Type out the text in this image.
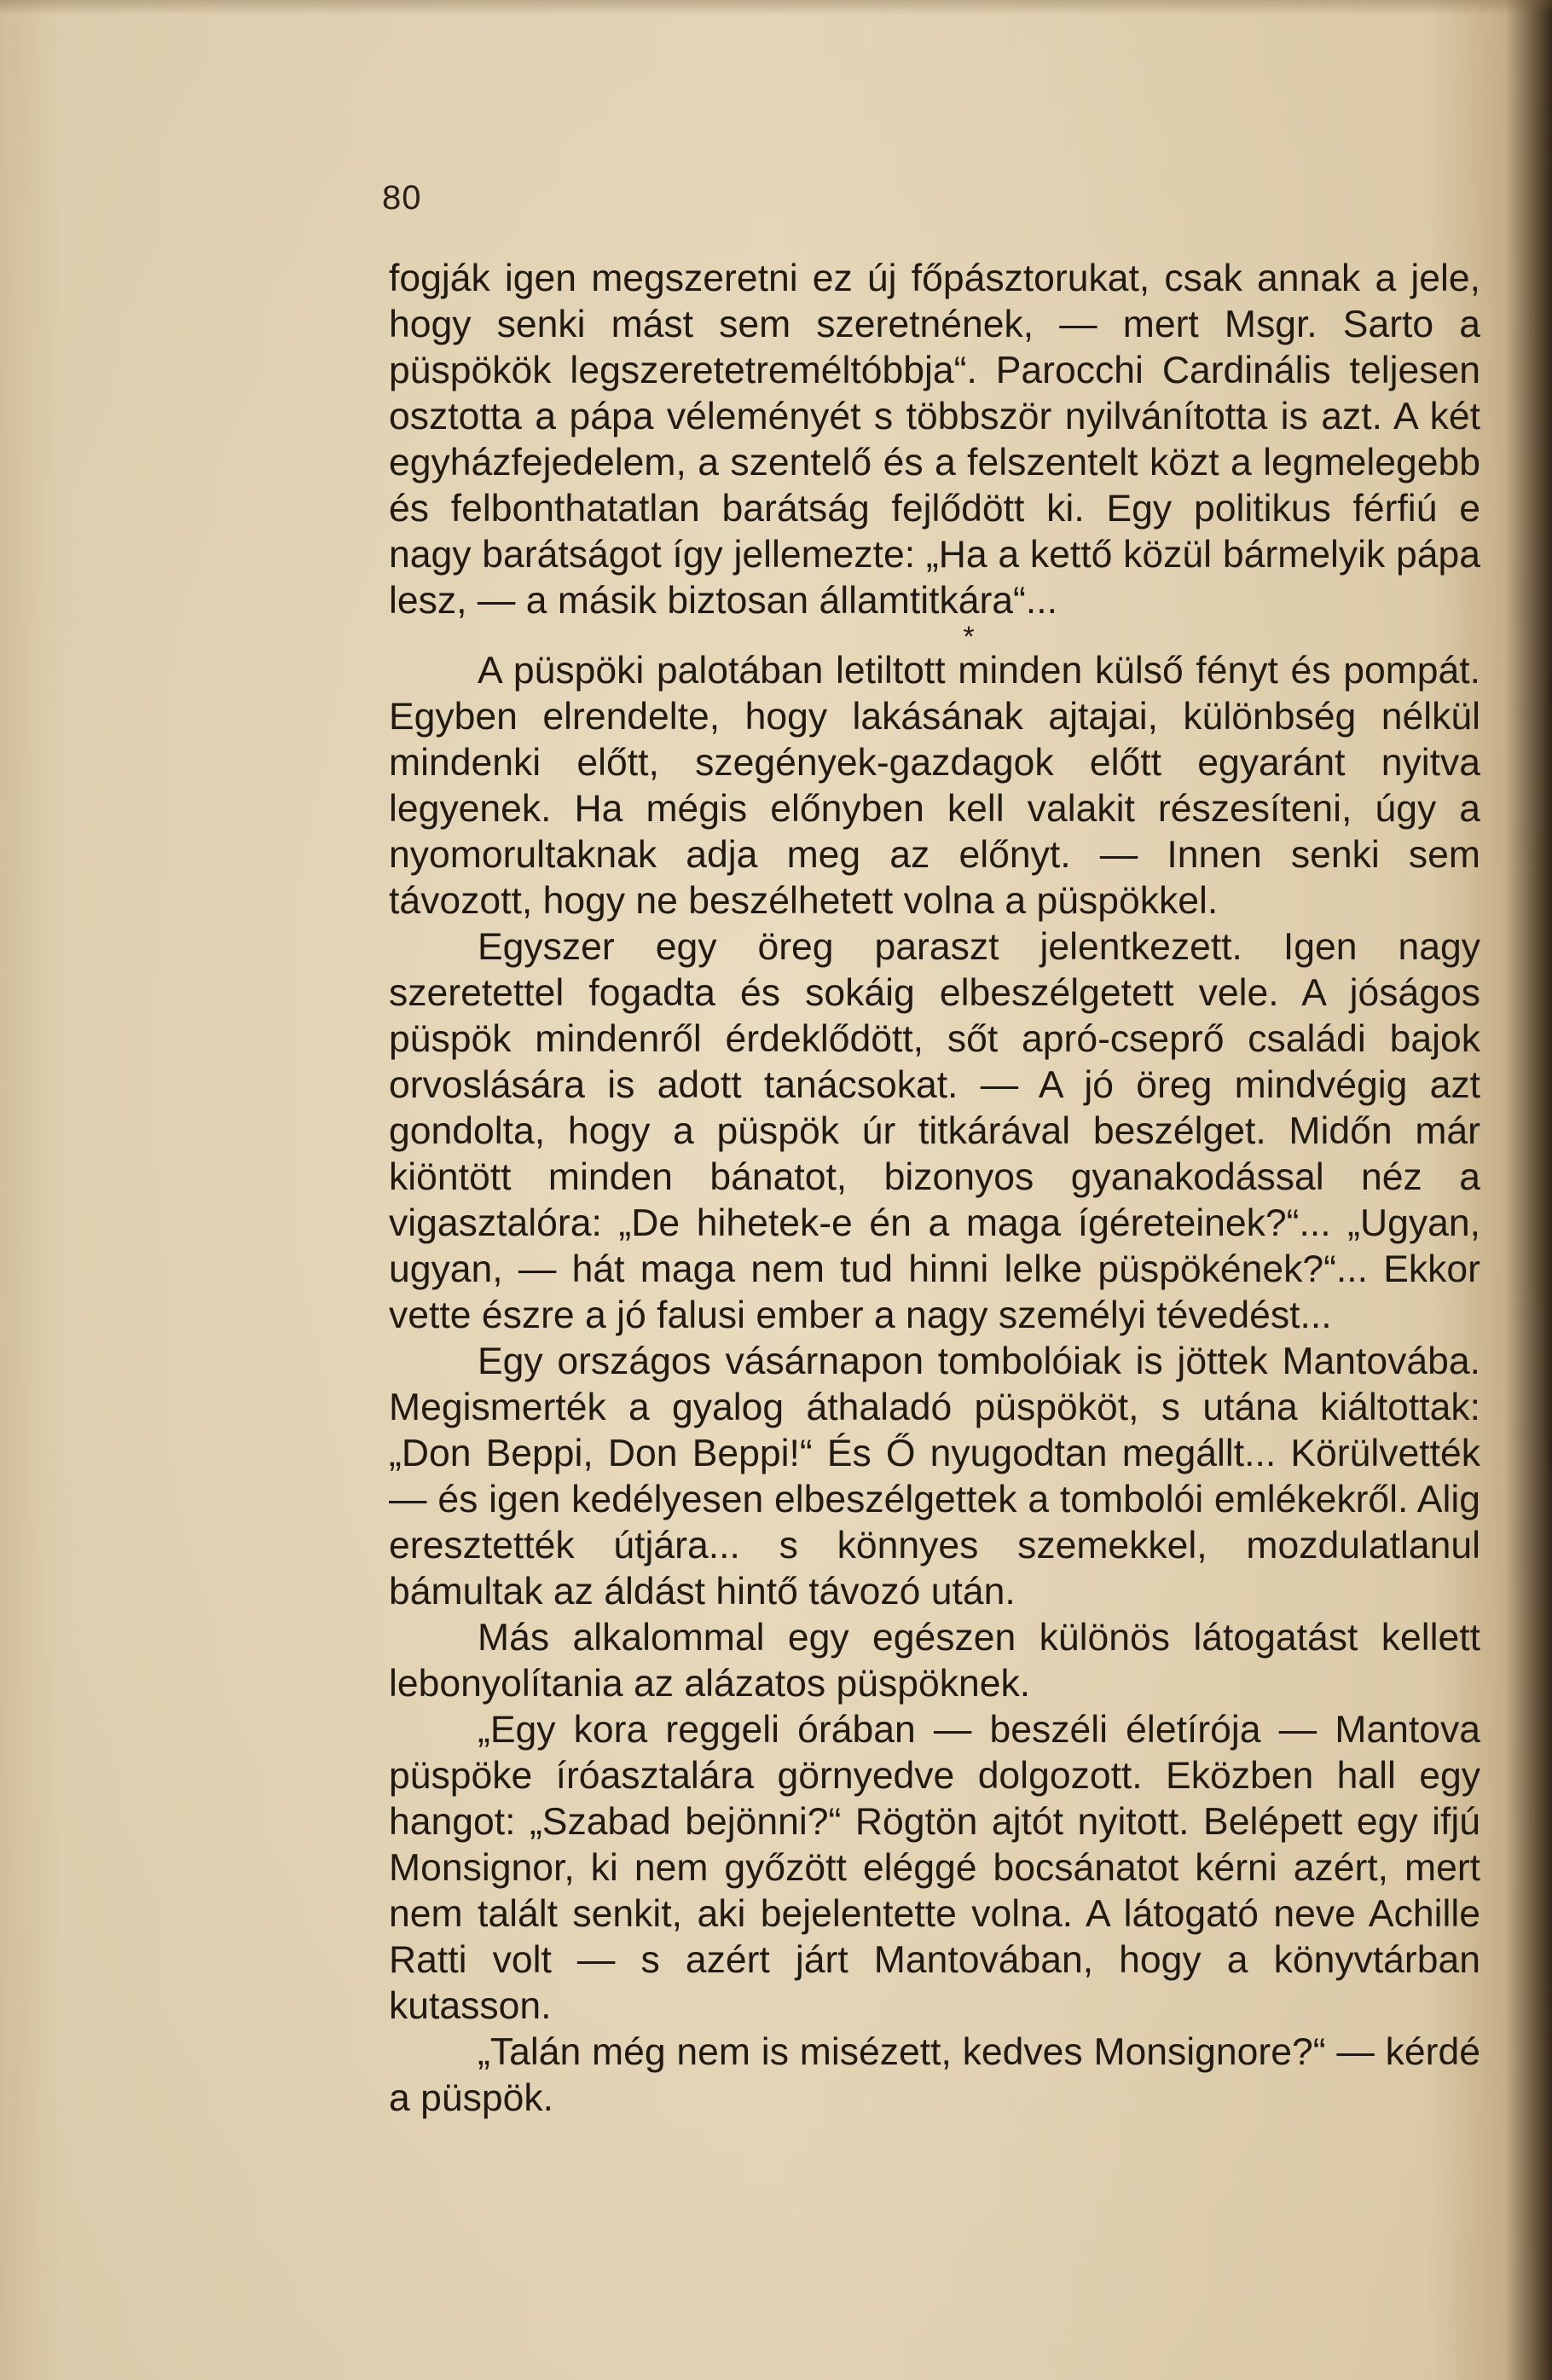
80

fogják igen megszeretni ez új főpásztorukat, csak annak a jele, hogy senki mást sem szeretnének, — mert Msgr. Sarto a püspökök legszeretetreméltóbbja“. Parocchi Cardinális teljesen osztotta a pápa véleményét s többször nyilvánította is azt. A két egyházfejedelem, a szentelő és a felszentelt közt a legmelegebb és felbonthatatlan barátság fejlődött ki. Egy politikus férfiú e nagy barátságot így jellemezte: „Ha a kettő közül bármelyik pápa lesz, — a másik biztosan államtitkára“...

*

A püspöki palotában letiltott minden külső fényt és pompát. Egyben elrendelte, hogy lakásának ajtajai, különbség nélkül mindenki előtt, szegények-gazdagok előtt egyaránt nyitva legyenek. Ha mégis előnyben kell valakit részesíteni, úgy a nyomorultaknak adja meg az előnyt. — Innen senki sem távozott, hogy ne beszélhetett volna a püspökkel.

Egyszer egy öreg paraszt jelentkezett. Igen nagy szeretettel fogadta és sokáig elbeszélgetett vele. A jóságos püspök mindenről érdeklődött, sőt apró-cseprő családi bajok orvoslására is adott tanácsokat. — A jó öreg mindvégig azt gondolta, hogy a püspök úr titkárával beszélget. Midőn már kiöntött minden bánatot, bizonyos gyanakodással néz a vigasztalóra: „De hihetek-e én a maga ígéreteinek?“... „Ugyan, ugyan, — hát maga nem tud hinni lelke püspökének?“... Ekkor vette észre a jó falusi ember a nagy személyi tévedést...

Egy országos vásárnapon tombolóiak is jöttek Mantovába. Megismerték a gyalog áthaladó püspököt, s utána kiáltottak: „Don Beppi, Don Beppi!“ És Ő nyugodtan megállt... Körülvették — és igen kedélyesen elbeszélgettek a tombolói emlékekről. Alig eresztették útjára... s könnyes szemekkel, mozdulatlanul bámultak az áldást hintő távozó után.

Más alkalommal egy egészen különös látogatást kellett lebonyolítania az alázatos püspöknek.

„Egy kora reggeli órában — beszéli életírója — Mantova püspöke íróasztalára görnyedve dolgozott. Eközben hall egy hangot: „Szabad bejönni?“ Rögtön ajtót nyitott. Belépett egy ifjú Monsignor, ki nem győzött eléggé bocsánatot kérni azért, mert nem talált senkit, aki bejelentette volna. A látogató neve Achille Ratti volt — s azért járt Mantovában, hogy a könyvtárban kutasson.

„Talán még nem is misézett, kedves Monsignore?“ — kérdé a püspök.
